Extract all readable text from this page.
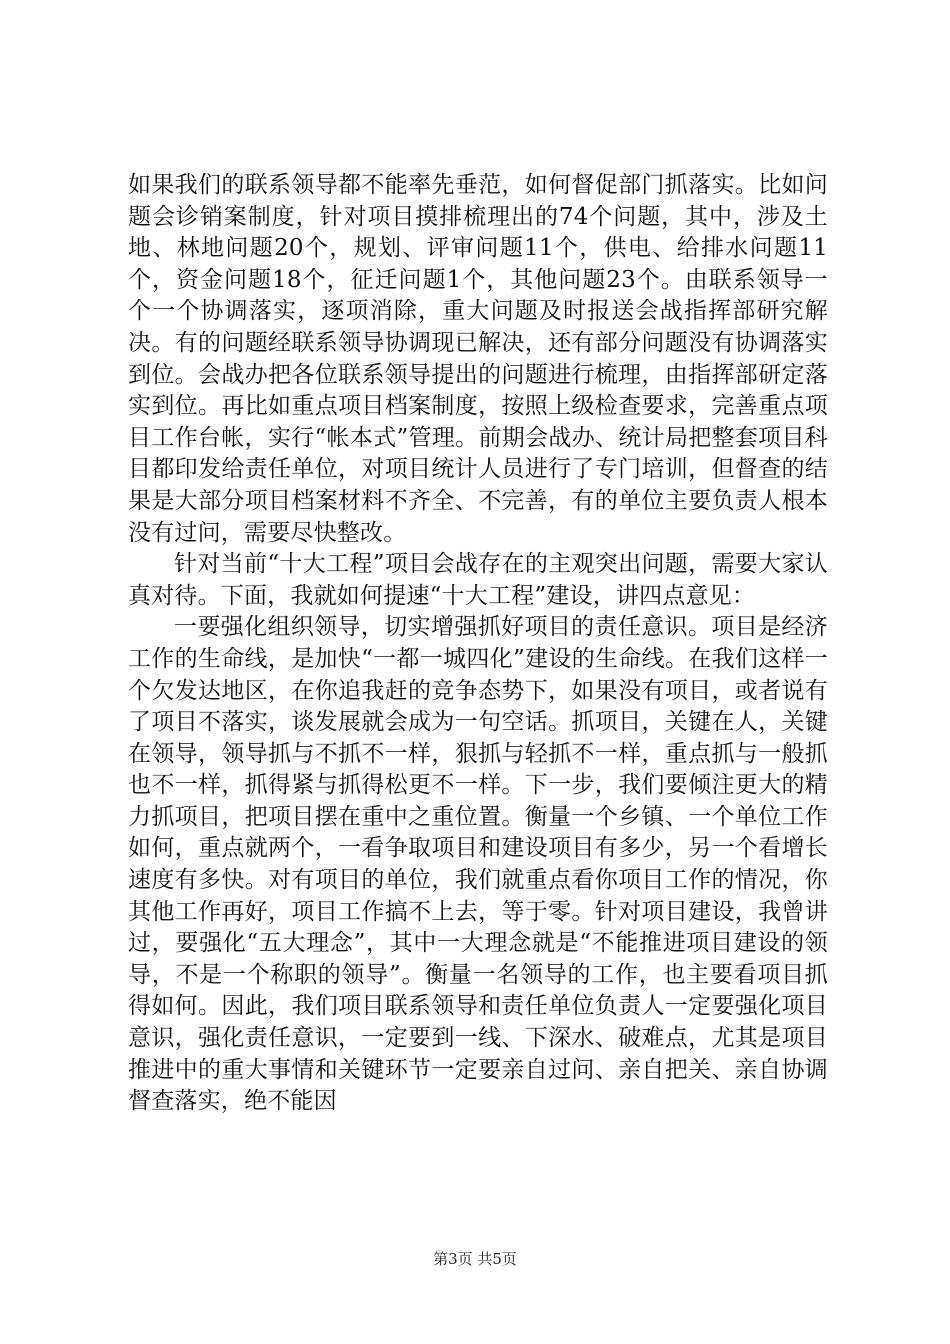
如果我们的联系领导都不能率先垂范，如何督促部门抓落实。比如问题会诊销案制度，针对项目摸排梳理出的74个问题，其中，涉及土地、林地问题20个，规划、评审问题11个，供电、给排水问题11个，资金问题18个，征迁问题1个，其他问题23个。由联系领导一个一个协调落实，逐项消除，重大问题及时报送会战指挥部研究解决。有的问题经联系领导协调现已解决，还有部分问题没有协调落实到位。会战办把各位联系领导提出的问题进行梳理，由指挥部研定落实到位。再比如重点项目档案制度，按照上级检查要求，完善重点项目工作台帐，实行“帐本式”管理。前期会战办、统计局把整套项目科目都印发给责任单位，对项目统计人员进行了专门培训，但督查的结果是大部分项目档案材料不齐全、不完善，有的单位主要负责人根本没有过问，需要尽快整改。

针对当前“十大工程”项目会战存在的主观突出问题，需要大家认真对待。下面，我就如何提速“十大工程”建设，讲四点意见：

一要强化组织领导，切实增强抓好项目的责任意识。项目是经济工作的生命线，是加快“一都一城四化”建设的生命线。在我们这样一个欠发达地区，在你追我赶的竞争态势下，如果没有项目，或者说有了项目不落实，谈发展就会成为一句空话。抓项目，关键在人，关键在领导，领导抓与不抓不一样，狠抓与轻抓不一样，重点抓与一般抓也不一样，抓得紧与抓得松更不一样。下一步，我们要倾注更大的精力抓项目，把项目摆在重中之重位置。衡量一个乡镇、一个单位工作如何，重点就两个，一看争取项目和建设项目有多少，另一个看增长速度有多快。对有项目的单位，我们就重点看你项目工作的情况，你其他工作再好，项目工作搞不上去，等于零。针对项目建设，我曾讲过，要强化“五大理念”，其中一大理念就是“不能推进项目建设的领导，不是一个称职的领导”。衡量一名领导的工作，也主要看项目抓得如何。因此，我们项目联系领导和责任单位负责人一定要强化项目意识，强化责任意识，一定要到一线、下深水、破难点，尤其是项目推进中的重大事情和关键环节一定要亲自过问、亲自把关、亲自协调督查落实，绝不能因

第3页 共5页
